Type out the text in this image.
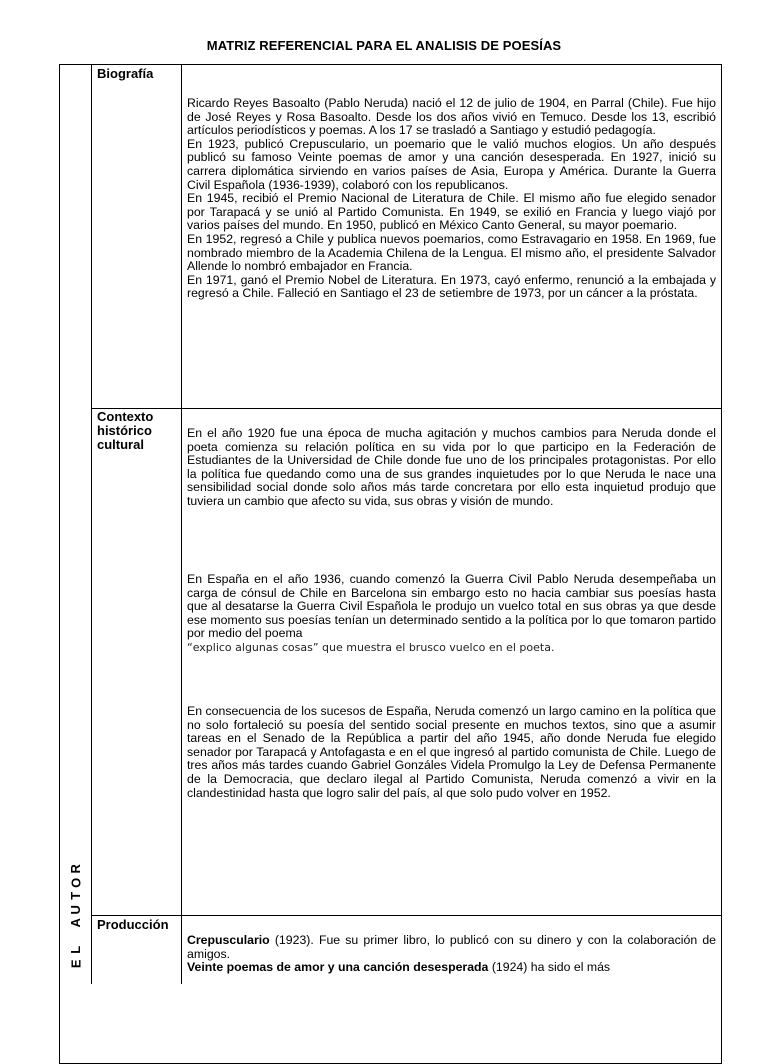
MATRIZ REFERENCIAL PARA EL ANALISIS DE POESÍAS
R
O
T
U
A

L
E
Biografía

Ricardo Reyes Basoalto (Pablo Neruda) nació el 12 de julio de 1904, en Parral (Chile). Fue hijo de José Reyes y Rosa Basoalto. Desde los dos años vivió en Temuco. Desde los 13, escribió artículos periodísticos y poemas. A los 17 se trasladó a Santiago y estudió pedagogía.

En 1923, publicó Crepusculario, un poemario que le valió muchos elogios. Un año después publicó su famoso Veinte poemas de amor y una canción desesperada. En 1927, inició su carrera diplomática sirviendo en varios países de Asia, Europa y América. Durante la Guerra Civil Española (1936-1939), colaboró con los republicanos.

En 1945, recibió el Premio Nacional de Literatura de Chile. El mismo año fue elegido senador por Tarapacá y se unió al Partido Comunista. En 1949, se exilió en Francia y luego viajó por varios países del mundo. En 1950, publicó en México Canto General, su mayor poemario.

En 1952, regresó a Chile y publica nuevos poemarios, como Estravagario en 1958. En 1969, fue nombrado miembro de la Academia Chilena de la Lengua. El mismo año, el presidente Salvador Allende lo nombró embajador en Francia.

En 1971, ganó el Premio Nobel de Literatura. En 1973, cayó enfermo, renunció a la embajada y regresó a Chile. Falleció en Santiago el 23 de setiembre de 1973, por un cáncer a la próstata.

Contexto histórico cultural

En el año 1920 fue una época de mucha agitación y muchos cambios para Neruda donde el poeta comienza su relación política en su vida por lo que participo en la Federación de Estudiantes de la Universidad de Chile donde fue uno de los principales protagonistas. Por ello la política fue quedando como una de sus grandes inquietudes por lo que Neruda le nace una sensibilidad social donde solo años más tarde concretara por ello esta inquietud produjo que tuviera un cambio que afecto su vida, sus obras y visión de mundo.

En España en el año 1936, cuando comenzó la Guerra Civil Pablo Neruda desempeñaba un carga de cónsul de Chile en Barcelona sin embargo esto no hacia cambiar sus poesías hasta que al desatarse la Guerra Civil Española le produjo un vuelco total en sus obras ya que desde ese momento sus poesías tenían un determinado sentido a la política por lo que tomaron partido por medio del poema

“explico algunas cosas” que muestra el brusco vuelco en el poeta.

En consecuencia de los sucesos de España, Neruda comenzó un largo camino en la política que no solo fortaleció su poesía del sentido social presente en muchos textos, sino que a asumir tareas en el Senado de la República a partir del año 1945, año donde Neruda fue elegido senador por Tarapacá y Antofagasta e en el que ingresó al partido comunista de Chile. Luego de tres años más tardes cuando Gabriel Gonzáles Videla Promulgo la Ley de Defensa Permanente de la Democracia, que declaro ilegal al Partido Comunista, Neruda comenzó a vivir en la clandestinidad hasta que logro salir del país, al que solo pudo volver en 1952.

Producción

Crepusculario (1923). Fue su primer libro, lo publicó con su dinero y con la colaboración de amigos.

Veinte poemas de amor y una canción desesperada (1924) ha sido el más
